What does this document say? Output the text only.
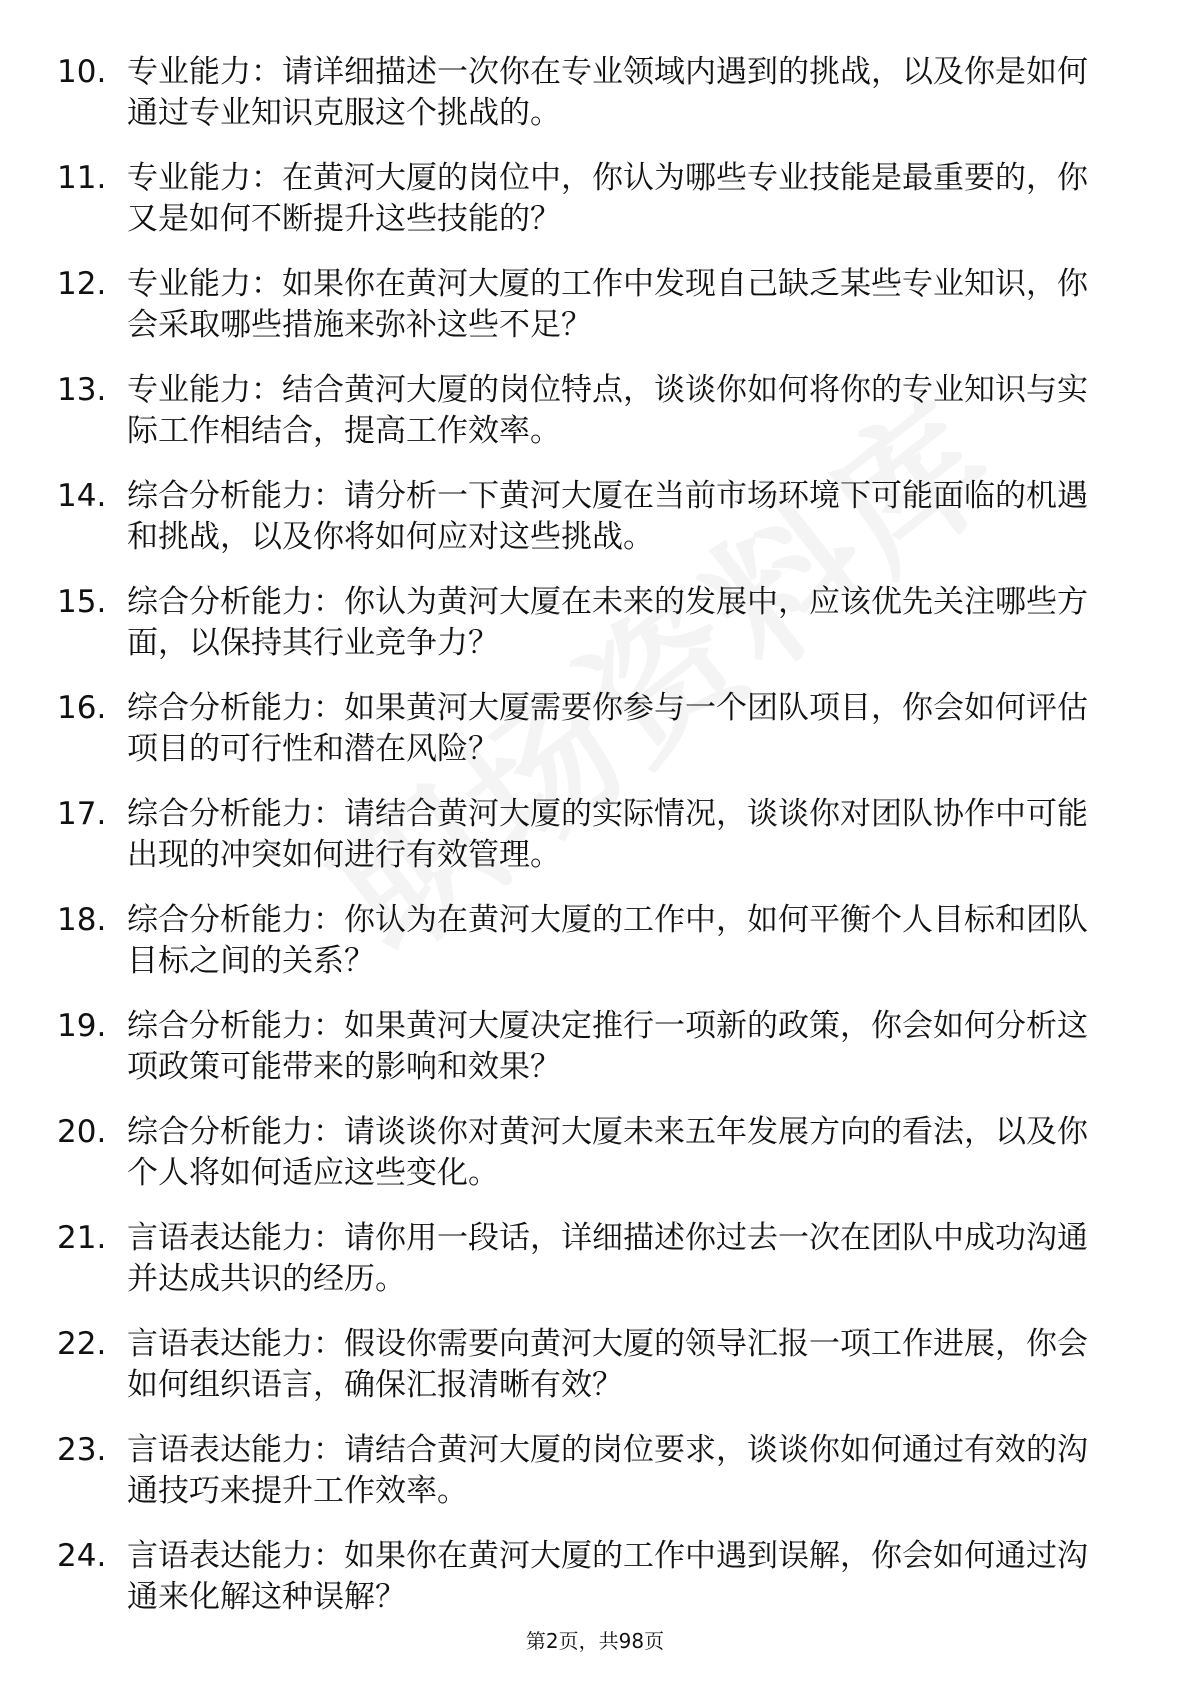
10. 专业能力：请详细描述一次你在专业领域内遇到的挑战，以及你是如何通过专业知识克服这个挑战的。
11. 专业能力：在黄河大厦的岗位中，你认为哪些专业技能是最重要的，你又是如何不断提升这些技能的？
12. 专业能力：如果你在黄河大厦的工作中发现自己缺乏某些专业知识，你会采取哪些措施来弥补这些不足？
13. 专业能力：结合黄河大厦的岗位特点，谈谈你如何将你的专业知识与实际工作相结合，提高工作效率。
14. 综合分析能力：请分析一下黄河大厦在当前市场环境下可能面临的机遇和挑战，以及你将如何应对这些挑战。
15. 综合分析能力：你认为黄河大厦在未来的发展中，应该优先关注哪些方面，以保持其行业竞争力？
16. 综合分析能力：如果黄河大厦需要你参与一个团队项目，你会如何评估项目的可行性和潜在风险？
17. 综合分析能力：请结合黄河大厦的实际情况，谈谈你对团队协作中可能出现的冲突如何进行有效管理。
18. 综合分析能力：你认为在黄河大厦的工作中，如何平衡个人目标和团队目标之间的关系？
19. 综合分析能力：如果黄河大厦决定推行一项新的政策，你会如何分析这项政策可能带来的影响和效果？
20. 综合分析能力：请谈谈你对黄河大厦未来五年发展方向的看法，以及你个人将如何适应这些变化。
21. 言语表达能力：请你用一段话，详细描述你过去一次在团队中成功沟通并达成共识的经历。
22. 言语表达能力：假设你需要向黄河大厦的领导汇报一项工作进展，你会如何组织语言，确保汇报清晰有效？
23. 言语表达能力：请结合黄河大厦的岗位要求，谈谈你如何通过有效的沟通技巧来提升工作效率。
24. 言语表达能力：如果你在黄河大厦的工作中遇到误解，你会如何通过沟通来化解这种误解？
第2页，共98页
